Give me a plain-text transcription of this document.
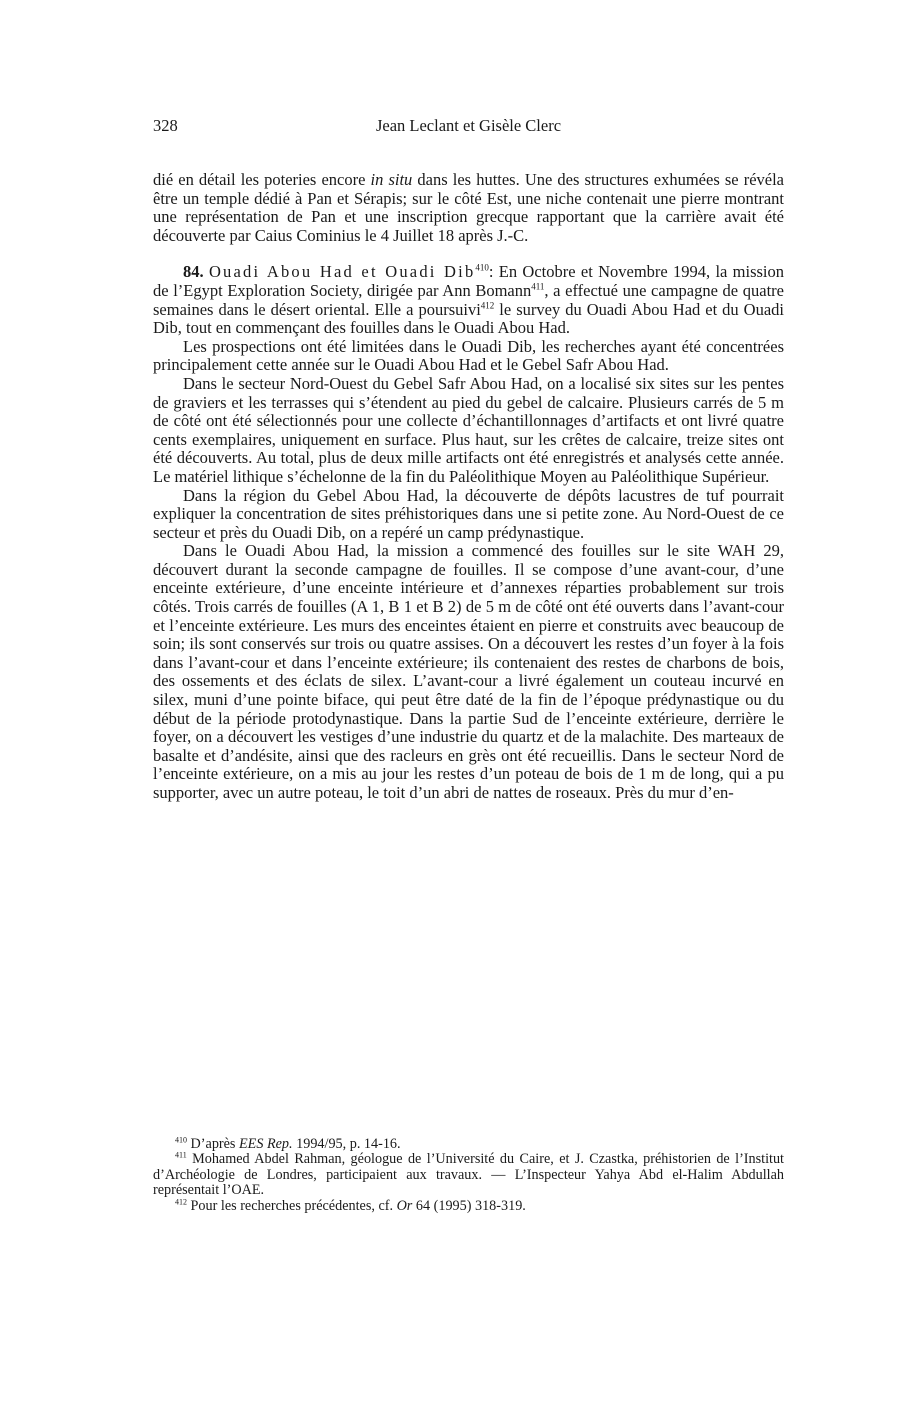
328	Jean Leclant et Gisèle Clerc

dié en détail les poteries encore in situ dans les huttes. Une des structures exhumées se révéla être un temple dédié à Pan et Sérapis; sur le côté Est, une niche contenait une pierre montrant une représentation de Pan et une inscription grecque rapportant que la carrière avait été découverte par Caius Cominius le 4 Juillet 18 après J.-C.

84. Ouadi Abou Had et Ouadi Dib$^{410}$: En Octobre et Novembre 1994, la mission de l’Egypt Exploration Society, dirigée par Ann Bomann$^{411}$, a effectué une campagne de quatre semaines dans le désert oriental. Elle a poursuivi$^{412}$ le survey du Ouadi Abou Had et du Ouadi Dib, tout en commençant des fouilles dans le Ouadi Abou Had.

Les prospections ont été limitées dans le Ouadi Dib, les recherches ayant été concentrées principalement cette année sur le Ouadi Abou Had et le Gebel Safr Abou Had.

Dans le secteur Nord-Ouest du Gebel Safr Abou Had, on a localisé six sites sur les pentes de graviers et les terrasses qui s’étendent au pied du gebel de calcaire. Plusieurs carrés de 5 m de côté ont été sélectionnés pour une collecte d’échantillonnages d’artifacts et ont livré quatre cents exemplaires, uniquement en surface. Plus haut, sur les crêtes de calcaire, treize sites ont été découverts. Au total, plus de deux mille artifacts ont été enregistrés et analysés cette année. Le matériel lithique s’échelonne de la fin du Paléolithique Moyen au Paléolithique Supérieur.

Dans la région du Gebel Abou Had, la découverte de dépôts lacustres de tuf pourrait expliquer la concentration de sites préhistoriques dans une si petite zone. Au Nord-Ouest de ce secteur et près du Ouadi Dib, on a repéré un camp prédynastique.

Dans le Ouadi Abou Had, la mission a commencé des fouilles sur le site WAH 29, découvert durant la seconde campagne de fouilles. Il se compose d’une avant-cour, d’une enceinte extérieure, d’une enceinte intérieure et d’annexes réparties probablement sur trois côtés. Trois carrés de fouilles (A 1, B 1 et B 2) de 5 m de côté ont été ouverts dans l’avant-cour et l’enceinte extérieure. Les murs des enceintes étaient en pierre et construits avec beaucoup de soin; ils sont conservés sur trois ou quatre assises. On a découvert les restes d’un foyer à la fois dans l’avant-cour et dans l’enceinte extérieure; ils contenaient des restes de charbons de bois, des ossements et des éclats de silex. L’avant-cour a livré également un couteau incurvé en silex, muni d’une pointe biface, qui peut être daté de la fin de l’époque prédynastique ou du début de la période protodynastique. Dans la partie Sud de l’enceinte extérieure, derrière le foyer, on a découvert les vestiges d’une industrie du quartz et de la malachite. Des marteaux de basalte et d’andésite, ainsi que des racleurs en grès ont été recueillis. Dans le secteur Nord de l’enceinte extérieure, on a mis au jour les restes d’un poteau de bois de 1 m de long, qui a pu supporter, avec un autre poteau, le toit d’un abri de nattes de roseaux. Près du mur d’en-

$^{410}$ D’après EES Rep. 1994/95, p. 14-16.

$^{411}$ Mohamed Abdel Rahman, géologue de l’Université du Caire, et J. Czastka, préhistorien de l’Institut d’Archéologie de Londres, participaient aux travaux. — L’Inspecteur Yahya Abd el-Halim Abdullah représentait l’OAE.

$^{412}$ Pour les recherches précédentes, cf. Or 64 (1995) 318-319.
